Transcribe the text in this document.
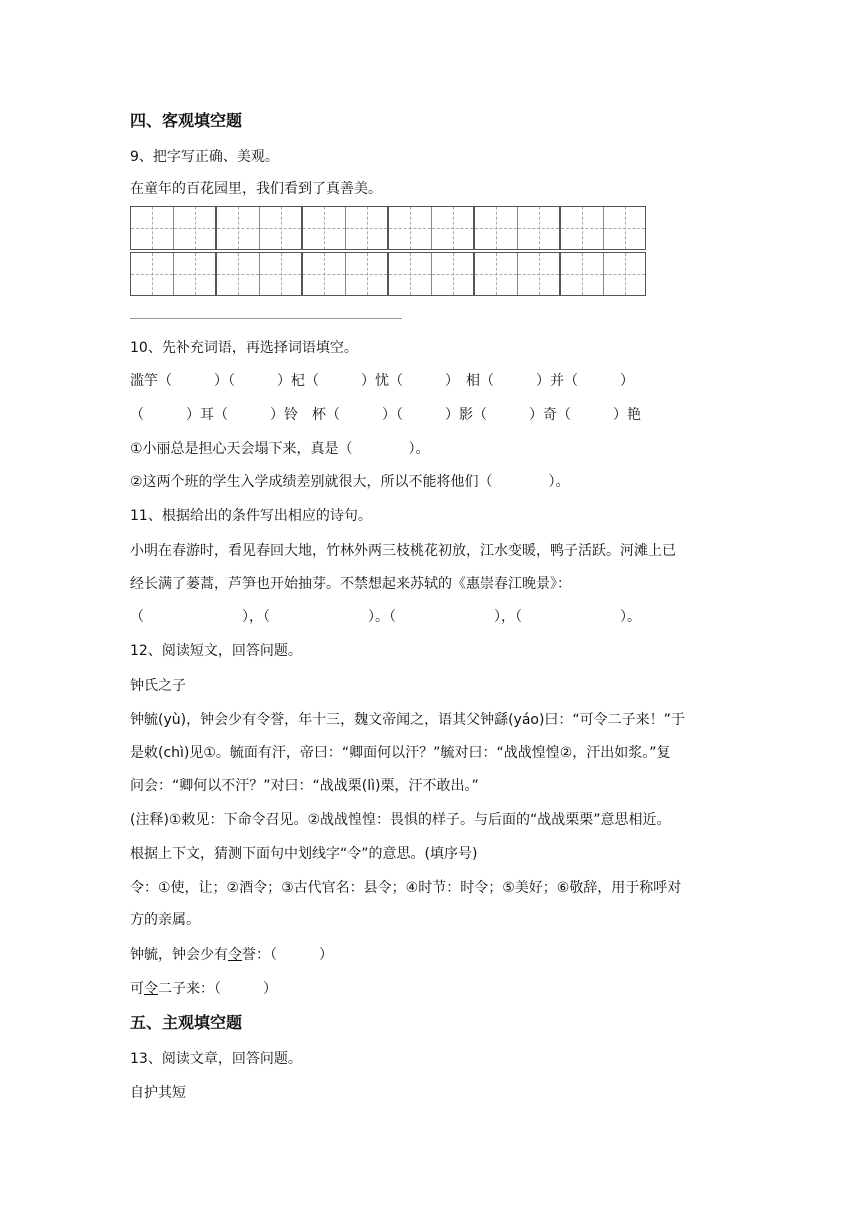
四、客观填空题
9、把字写正确、美观。
在童年的百花园里，我们看到了真善美。
10、先补充词语，再选择词语填空。
滥竽（　　　）（　　　）杞（　　　）忧（　　　）　相（　　　）并（　　　）
（　　　）耳（　　　）铃　杯（　　　）（　　　）影（　　　）奇（　　　）艳
①小丽总是担心天会塌下来，真是（　　　　）。
②这两个班的学生入学成绩差别就很大，所以不能将他们（　　　　）。
11、根据给出的条件写出相应的诗句。
小明在春游时，看见春回大地，竹林外两三枝桃花初放，江水变暖，鸭子活跃。河滩上已
经长满了蒌蒿，芦笋也开始抽芽。不禁想起来苏轼的《惠崇春江晚景》：
（　　　　　　　），（　　　　　　　）。（　　　　　　　），（　　　　　　　）。
12、阅读短文，回答问题。
钟氏之子
钟毓(yù)，钟会少有令誉，年十三，魏文帝闻之，语其父钟繇(yáo)曰：“可令二子来！”于
是敕(chì)见①。毓面有汗，帝曰：“卿面何以汗？”毓对曰：“战战惶惶②，汗出如浆。”复
问会：“卿何以不汗？”对曰：“战战栗(lì)栗，汗不敢出。”
(注释)①敕见：下命令召见。②战战惶惶：畏惧的样子。与后面的“战战栗栗”意思相近。
根据上下文，猜测下面句中划线字“令”的意思。(填序号)
令：①使，让；②酒令；③古代官名：县令；④时节：时令；⑤美好；⑥敬辞，用于称呼对
方的亲属。
钟毓，钟会少有令誉：（　　　）
可令二子来：（　　　）
五、主观填空题
13、阅读文章，回答问题。
自护其短
